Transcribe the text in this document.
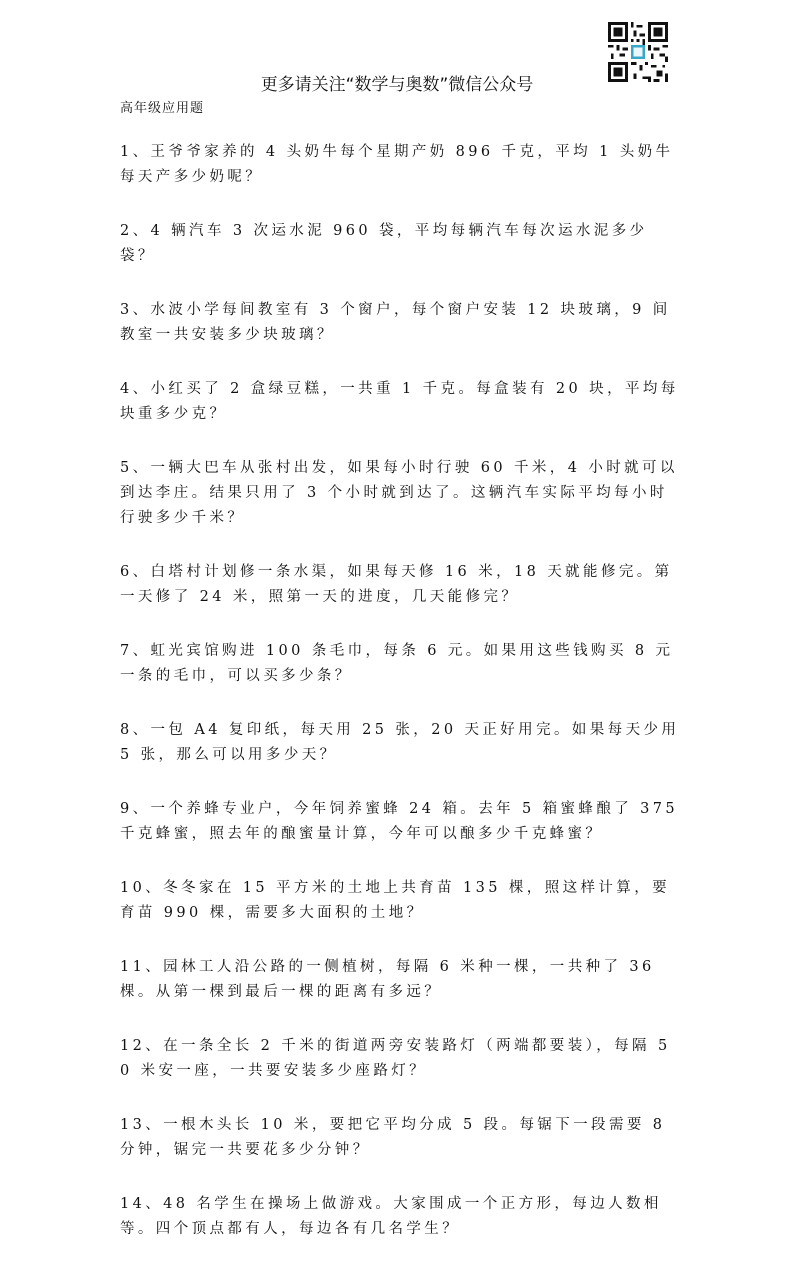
更多请关注“数学与奥数”微信公众号
高年级应用题

1、王爷爷家养的 4 头奶牛每个星期产奶 896 千克，平均 1 头奶牛每天产多少奶呢？

2、4 辆汽车 3 次运水泥 960 袋，平均每辆汽车每次运水泥多少袋？

3、水波小学每间教室有 3 个窗户，每个窗户安装 12 块玻璃，9 间教室一共安装多少块玻璃？

4、小红买了 2 盒绿豆糕，一共重 1 千克。每盒装有 20 块，平均每块重多少克？

5、一辆大巴车从张村出发，如果每小时行驶 60 千米，4 小时就可以到达李庄。结果只用了 3 个小时就到达了。这辆汽车实际平均每小时行驶多少千米？

6、白塔村计划修一条水渠，如果每天修 16 米，18 天就能修完。第一天修了 24 米，照第一天的进度，几天能修完？

7、虹光宾馆购进 100 条毛巾，每条 6 元。如果用这些钱购买 8 元一条的毛巾，可以买多少条？

8、一包 A4 复印纸，每天用 25 张，20 天正好用完。如果每天少用 5 张，那么可以用多少天？

9、一个养蜂专业户，今年饲养蜜蜂 24 箱。去年 5 箱蜜蜂酿了 375 千克蜂蜜，照去年的酿蜜量计算，今年可以酿多少千克蜂蜜？

10、冬冬家在 15 平方米的土地上共育苗 135 棵，照这样计算，要育苗 990 棵，需要多大面积的土地？

11、园林工人沿公路的一侧植树，每隔 6 米种一棵，一共种了 36 棵。从第一棵到最后一棵的距离有多远？

12、在一条全长 2 千米的街道两旁安装路灯（两端都要装），每隔 50 米安一座，一共要安装多少座路灯？

13、一根木头长 10 米，要把它平均分成 5 段。每锯下一段需要 8 分钟，锯完一共要花多少分钟？

14、48 名学生在操场上做游戏。大家围成一个正方形，每边人数相等。四个顶点都有人，每边各有几名学生？
